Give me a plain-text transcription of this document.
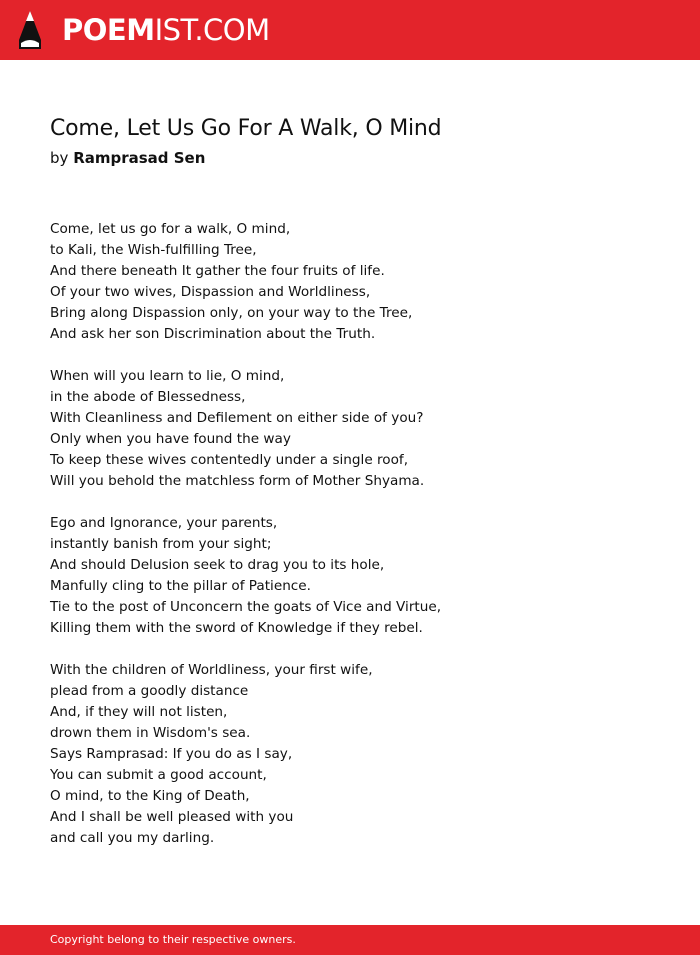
POEMIST.COM
Come, Let Us Go For A Walk, O Mind
by Ramprasad Sen
Come, let us go for a walk, O mind,
to Kali, the Wish-fulfilling Tree,
And there beneath It gather the four fruits of life.
Of your two wives, Dispassion and Worldliness,
Bring along Dispassion only, on your way to the Tree,
And ask her son Discrimination about the Truth.
When will you learn to lie, O mind,
in the abode of Blessedness,
With Cleanliness and Defilement on either side of you?
Only when you have found the way
To keep these wives contentedly under a single roof,
Will you behold the matchless form of Mother Shyama.
Ego and Ignorance, your parents,
instantly banish from your sight;
And should Delusion seek to drag you to its hole,
Manfully cling to the pillar of Patience.
Tie to the post of Unconcern the goats of Vice and Virtue,
Killing them with the sword of Knowledge if they rebel.
With the children of Worldliness, your first wife,
plead from a goodly distance
And, if they will not listen,
drown them in Wisdom's sea.
Says Ramprasad: If you do as I say,
You can submit a good account,
O mind, to the King of Death,
And I shall be well pleased with you
and call you my darling.
Copyright belong to their respective owners.
